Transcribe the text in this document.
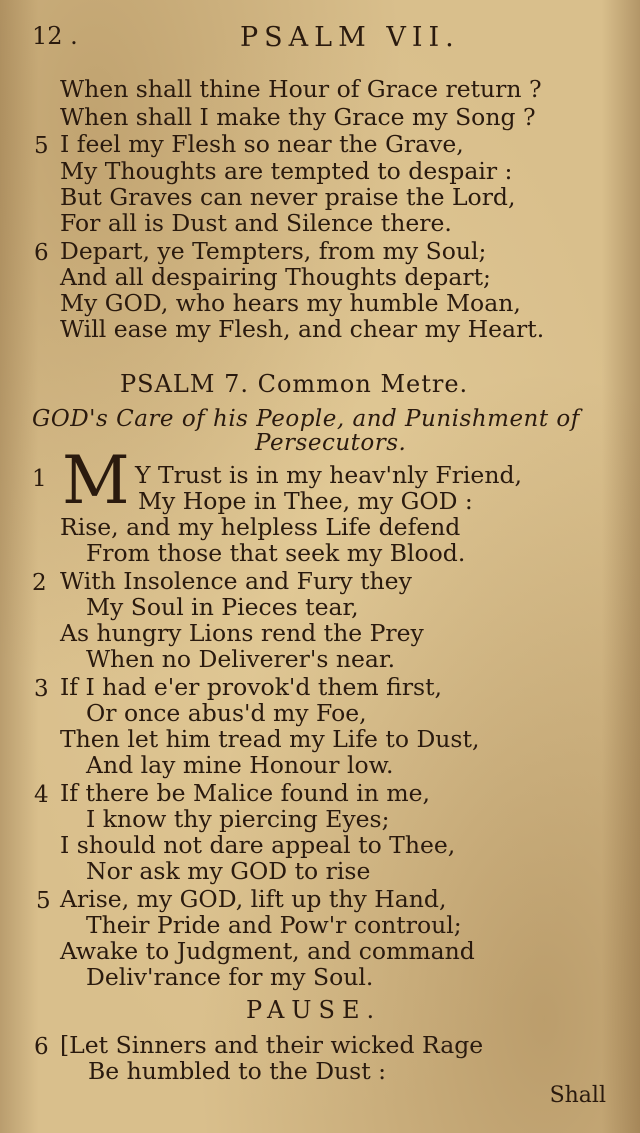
12 .	PSALM VII.
When shall thine Hour of Grace return ?
When shall I make thy Grace my Song ?
5 I feel my Flesh so near the Grave,
My Thoughts are tempted to despair :
But Graves can never praise the Lord,
For all is Dust and Silence there.
6 Depart, ye Tempters, from my Soul;
And all despairing Thoughts depart;
My GOD, who hears my humble Moan,
Will ease my Flesh, and chear my Heart.
PSALM 7. Common Metre.
GOD's Care of his People, and Punishment of
Persecutors.
1 M Y Trust is in my heav'nly Friend,
My Hope in Thee, my GOD :
Rise, and my helpless Life defend
From those that seek my Blood.
2 With Insolence and Fury they
My Soul in Pieces tear,
As hungry Lions rend the Prey
When no Deliverer's near.
3 If I had e'er provok'd them first,
Or once abus'd my Foe,
Then let him tread my Life to Dust,
And lay mine Honour low.
4 If there be Malice found in me,
I know thy piercing Eyes;
I should not dare appeal to Thee,
Nor ask my GOD to rise
5 Arise, my GOD, lift up thy Hand,
Their Pride and Pow'r controul;
Awake to Judgment, and command
Deliv'rance for my Soul.
PAUSE.
6 [Let Sinners and their wicked Rage
Be humbled to the Dust :
Shall
